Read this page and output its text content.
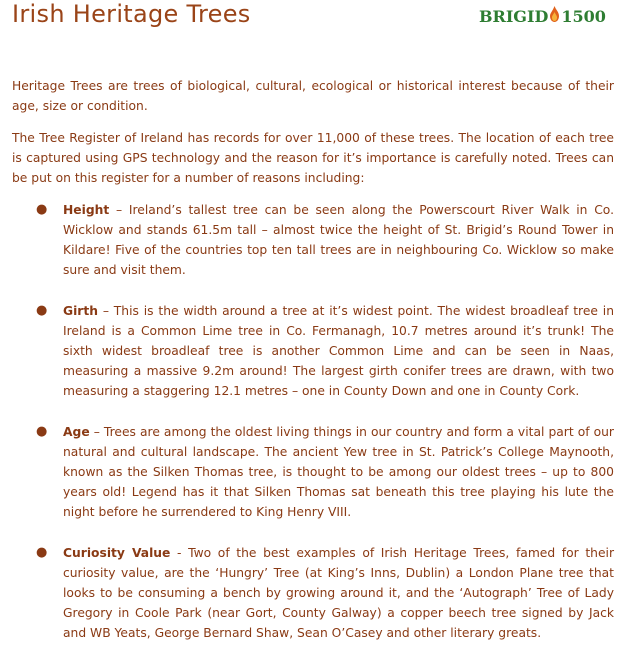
Irish Heritage Trees	BRIGID 1500

Heritage Trees are trees of biological, cultural, ecological or historical interest because of their age, size or condition.

The Tree Register of Ireland has records for over 11,000 of these trees. The location of each tree is captured using GPS technology and the reason for it’s importance is carefully noted. Trees can be put on this register for a number of reasons including:

● Height – Ireland’s tallest tree can be seen along the Powerscourt River Walk in Co. Wicklow and stands 61.5m tall – almost twice the height of St. Brigid’s Round Tower in Kildare! Five of the countries top ten tall trees are in neighbouring Co. Wicklow so make sure and visit them.
● Girth – This is the width around a tree at it’s widest point. The widest broadleaf tree in Ireland is a Common Lime tree in Co. Fermanagh, 10.7 metres around it’s trunk! The sixth widest broadleaf tree is another Common Lime and can be seen in Naas, measuring a massive 9.2m around! The largest girth conifer trees are drawn, with two measuring a staggering 12.1 metres – one in County Down and one in County Cork.
● Age – Trees are among the oldest living things in our country and form a vital part of our natural and cultural landscape. The ancient Yew tree in St. Patrick’s College Maynooth, known as the Silken Thomas tree, is thought to be among our oldest trees – up to 800 years old! Legend has it that Silken Thomas sat beneath this tree playing his lute the night before he surrendered to King Henry VIII.
● Curiosity Value - Two of the best examples of Irish Heritage Trees, famed for their curiosity value, are the ‘Hungry’ Tree (at King’s Inns, Dublin) a London Plane tree that looks to be consuming a bench by growing around it, and the ‘Autograph’ Tree of Lady Gregory in Coole Park (near Gort, County Galway) a copper beech tree signed by Jack and WB Yeats, George Bernard Shaw, Sean O’Casey and other literary greats.
